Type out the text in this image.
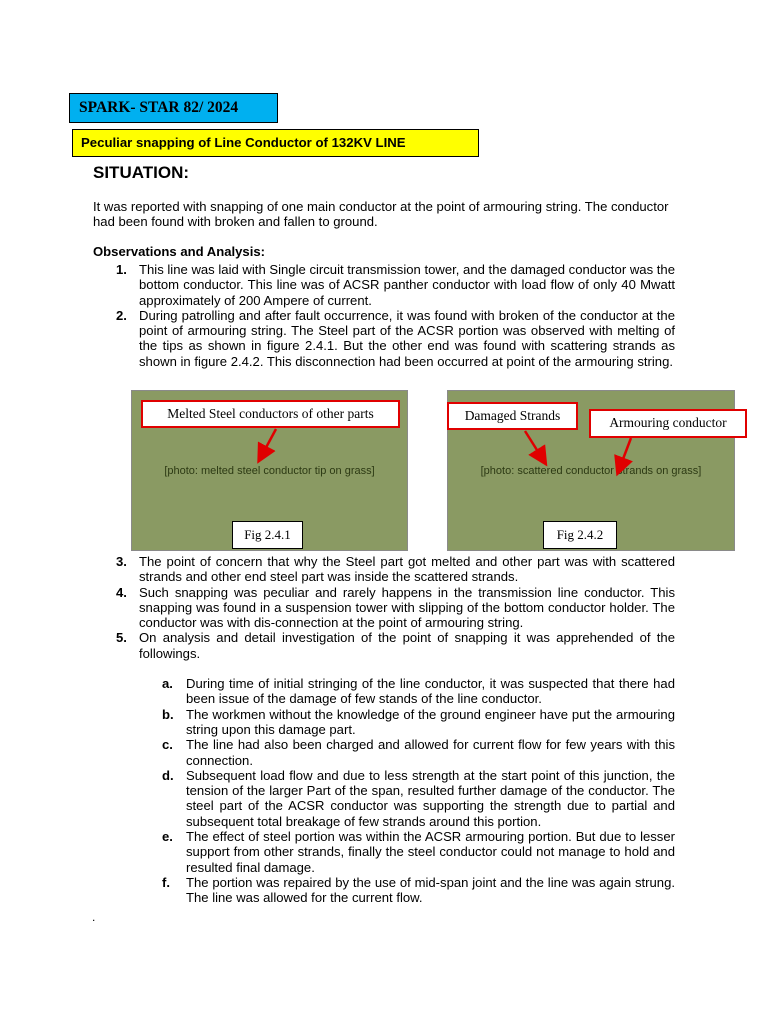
SPARK- STAR 82/ 2024
Peculiar snapping of Line Conductor of 132KV LINE
SITUATION:
It was reported with snapping of one main conductor at the point of armouring string. The conductor had been found with broken and fallen to ground.
Observations and Analysis:
1. This line was laid with Single circuit transmission tower, and the damaged conductor was the bottom conductor. This line was of ACSR panther conductor with load flow of only 40 Mwatt approximately of 200 Ampere of current.
2. During patrolling and after fault occurrence, it was found with broken of the conductor at the point of armouring string. The Steel part of the ACSR portion was observed with melting of the tips as shown in figure 2.4.1. But the other end was found with scattering strands as shown in figure 2.4.2. This disconnection had been occurred at point of the armouring string.
[photo: melted steel conductor tip on grass]
Melted Steel conductors of other parts
Fig 2.4.1
[photo: scattered conductor strands on grass]
Damaged Strands	Armouring conductor
Fig 2.4.2
3. The point of concern that why the Steel part got melted and other part was with scattered strands and other end steel part was inside the scattered strands.
4. Such snapping was peculiar and rarely happens in the transmission line conductor. This snapping was found in a suspension tower with slipping of the bottom conductor holder. The conductor was with dis-connection at the point of armouring string.
5. On analysis and detail investigation of the point of snapping it was apprehended of the followings.
a. During time of initial stringing of the line conductor, it was suspected that there had been issue of the damage of few stands of the line conductor.
b. The workmen without the knowledge of the ground engineer have put the armouring string upon this damage part.
c. The line had also been charged and allowed for current flow for few years with this connection.
d. Subsequent load flow and due to less strength at the start point of this junction, the tension of the larger Part of the span, resulted further damage of the conductor. The steel part of the ACSR conductor was supporting the strength due to partial and subsequent total breakage of few strands around this portion.
e. The effect of steel portion was within the ACSR armouring portion. But due to lesser support from other strands, finally the steel conductor could not manage to hold and resulted final damage.
f. The portion was repaired by the use of mid-span joint and the line was again strung. The line was allowed for the current flow.
.
